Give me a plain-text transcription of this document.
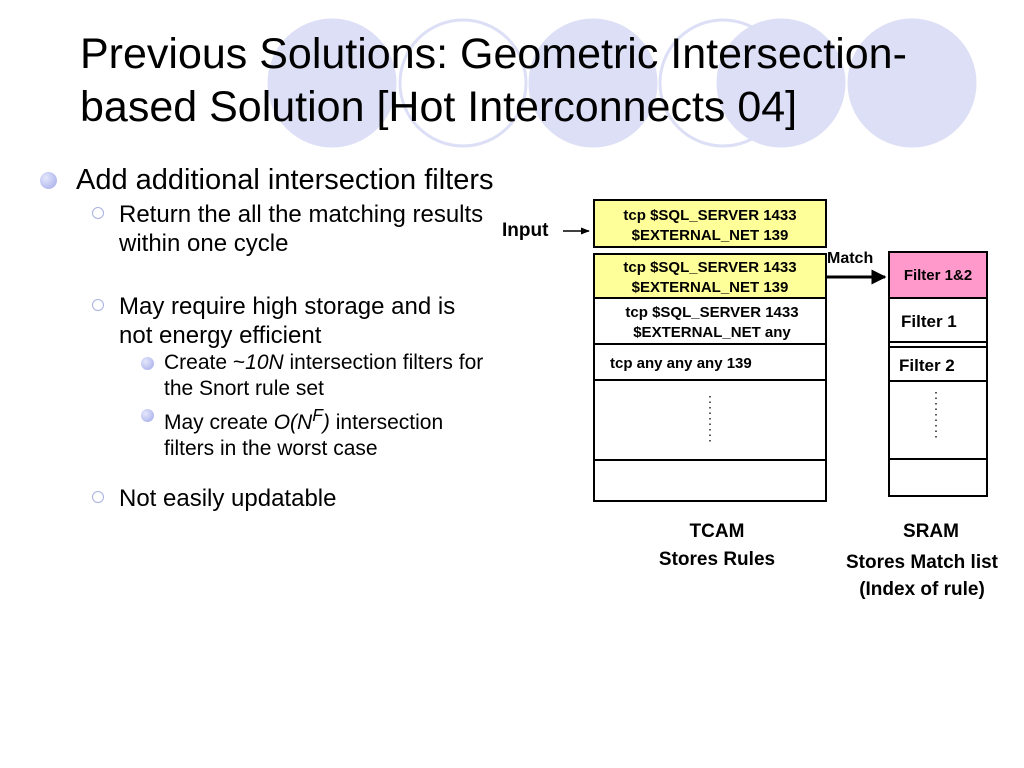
Previous Solutions: Geometric Intersection-based Solution [Hot Interconnects 04]
Add additional intersection filters
Return the all the matching results within one cycle
May require high storage and is not energy efficient
Create ~10N intersection filters for the Snort rule set
May create $O(N^F)$ intersection filters in the worst case
Not easily updatable
Input
tcp $SQL_SERVER 1433
$EXTERNAL_NET 139
tcp $SQL_SERVER 1433
$EXTERNAL_NET 139
tcp $SQL_SERVER 1433
$EXTERNAL_NET any
tcp any any any 139
Match
Filter 1&2
Filter 1
Filter 2
TCAM
Stores Rules
SRAM
Stores Match list
(Index of rule)
